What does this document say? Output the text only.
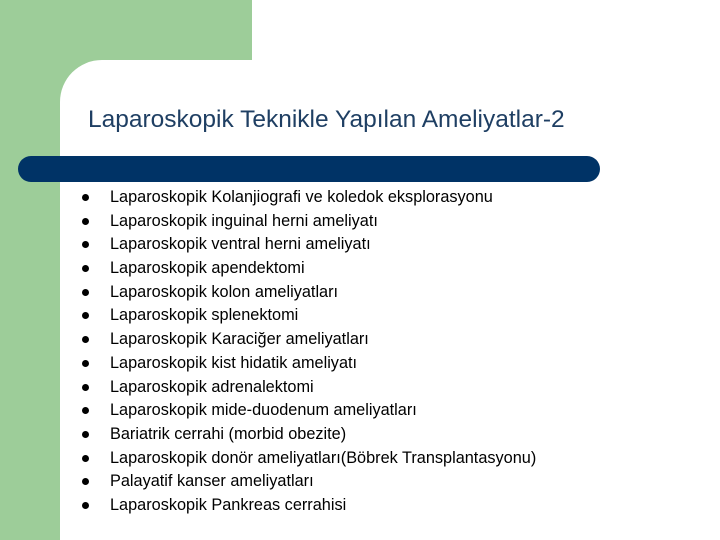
Laparoskopik Teknikle Yapılan Ameliyatlar-2
Laparoskopik Kolanjiografi ve koledok eksplorasyonu
Laparoskopik inguinal herni ameliyatı
Laparoskopik ventral herni ameliyatı
Laparoskopik apendektomi
Laparoskopik kolon ameliyatları
Laparoskopik splenektomi
Laparoskopik Karaciğer ameliyatları
Laparoskopik kist hidatik ameliyatı
Laparoskopik adrenalektomi
Laparoskopik mide-duodenum ameliyatları
Bariatrik cerrahi (morbid obezite)
Laparoskopik donör ameliyatları(Böbrek Transplantasyonu)
Palayatif kanser ameliyatları
Laparoskopik Pankreas cerrahisi
